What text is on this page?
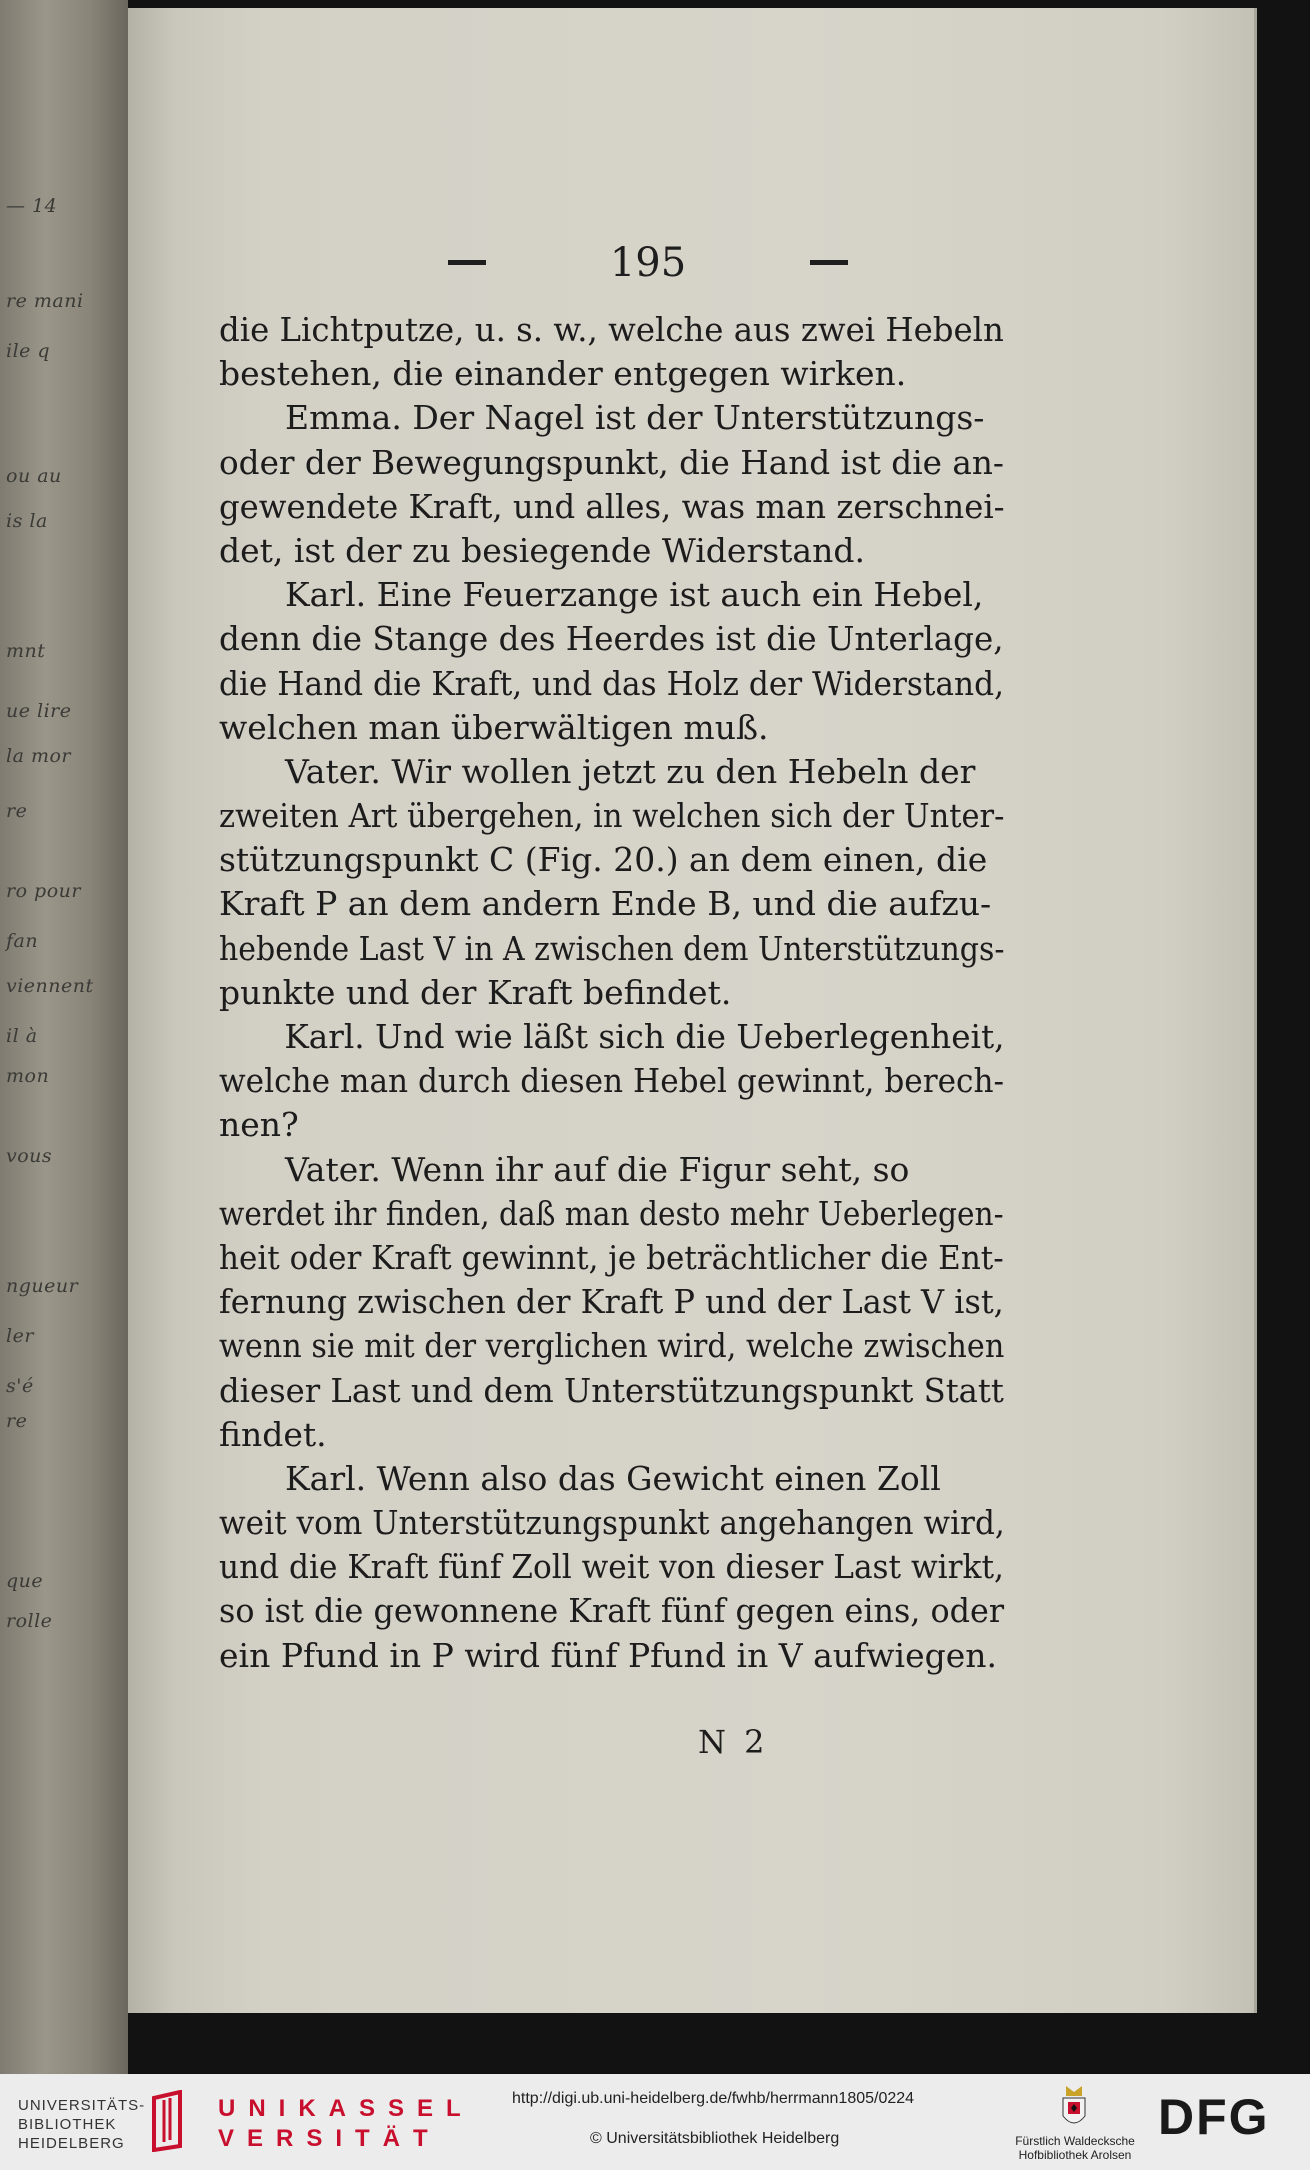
— 14
re mani
ile q
ou au
is la
mnt
ue lire
la mor
re
ro pour
fan
viennent
il à
mon
vous
ngueur
ler
s'é
re
que
rolle
195
die Lichtputze, u. s. w., welche aus zwei Hebeln
bestehen, die einander entgegen wirken.
Emma. Der Nagel ist der Unterstützungs-
oder der Bewegungspunkt, die Hand ist die an-
gewendete Kraft, und alles, was man zerschnei-
det, ist der zu besiegende Widerstand.
Karl. Eine Feuerzange ist auch ein Hebel,
denn die Stange des Heerdes ist die Unterlage,
die Hand die Kraft, und das Holz der Widerstand,
welchen man überwältigen muß.
Vater. Wir wollen jetzt zu den Hebeln der
zweiten Art übergehen, in welchen sich der Unter-
stützungspunkt C (Fig. 20.) an dem einen, die
Kraft P an dem andern Ende B, und die aufzu-
hebende Last V in A zwischen dem Unterstützungs-
punkte und der Kraft befindet.
Karl. Und wie läßt sich die Ueberlegenheit,
welche man durch diesen Hebel gewinnt, berech-
nen?
Vater. Wenn ihr auf die Figur seht, so
werdet ihr finden, daß man desto mehr Ueberlegen-
heit oder Kraft gewinnt, je beträchtlicher die Ent-
fernung zwischen der Kraft P und der Last V ist,
wenn sie mit der verglichen wird, welche zwischen
dieser Last und dem Unterstützungspunkt Statt
findet.
Karl. Wenn also das Gewicht einen Zoll
weit vom Unterstützungspunkt angehangen wird,
und die Kraft fünf Zoll weit von dieser Last wirkt,
so ist die gewonnene Kraft fünf gegen eins, oder
ein Pfund in P wird fünf Pfund in V aufwiegen.
N 2
UNIVERSITÄTS-
BIBLIOTHEK
HEIDELBERG
UNIKASSEL
VERSITÄT
http://digi.ub.uni-heidelberg.de/fwhb/herrmann1805/0224
© Universitätsbibliothek Heidelberg	Fürstlich Waldecksche
Hofbibliothek Arolsen
DFG
